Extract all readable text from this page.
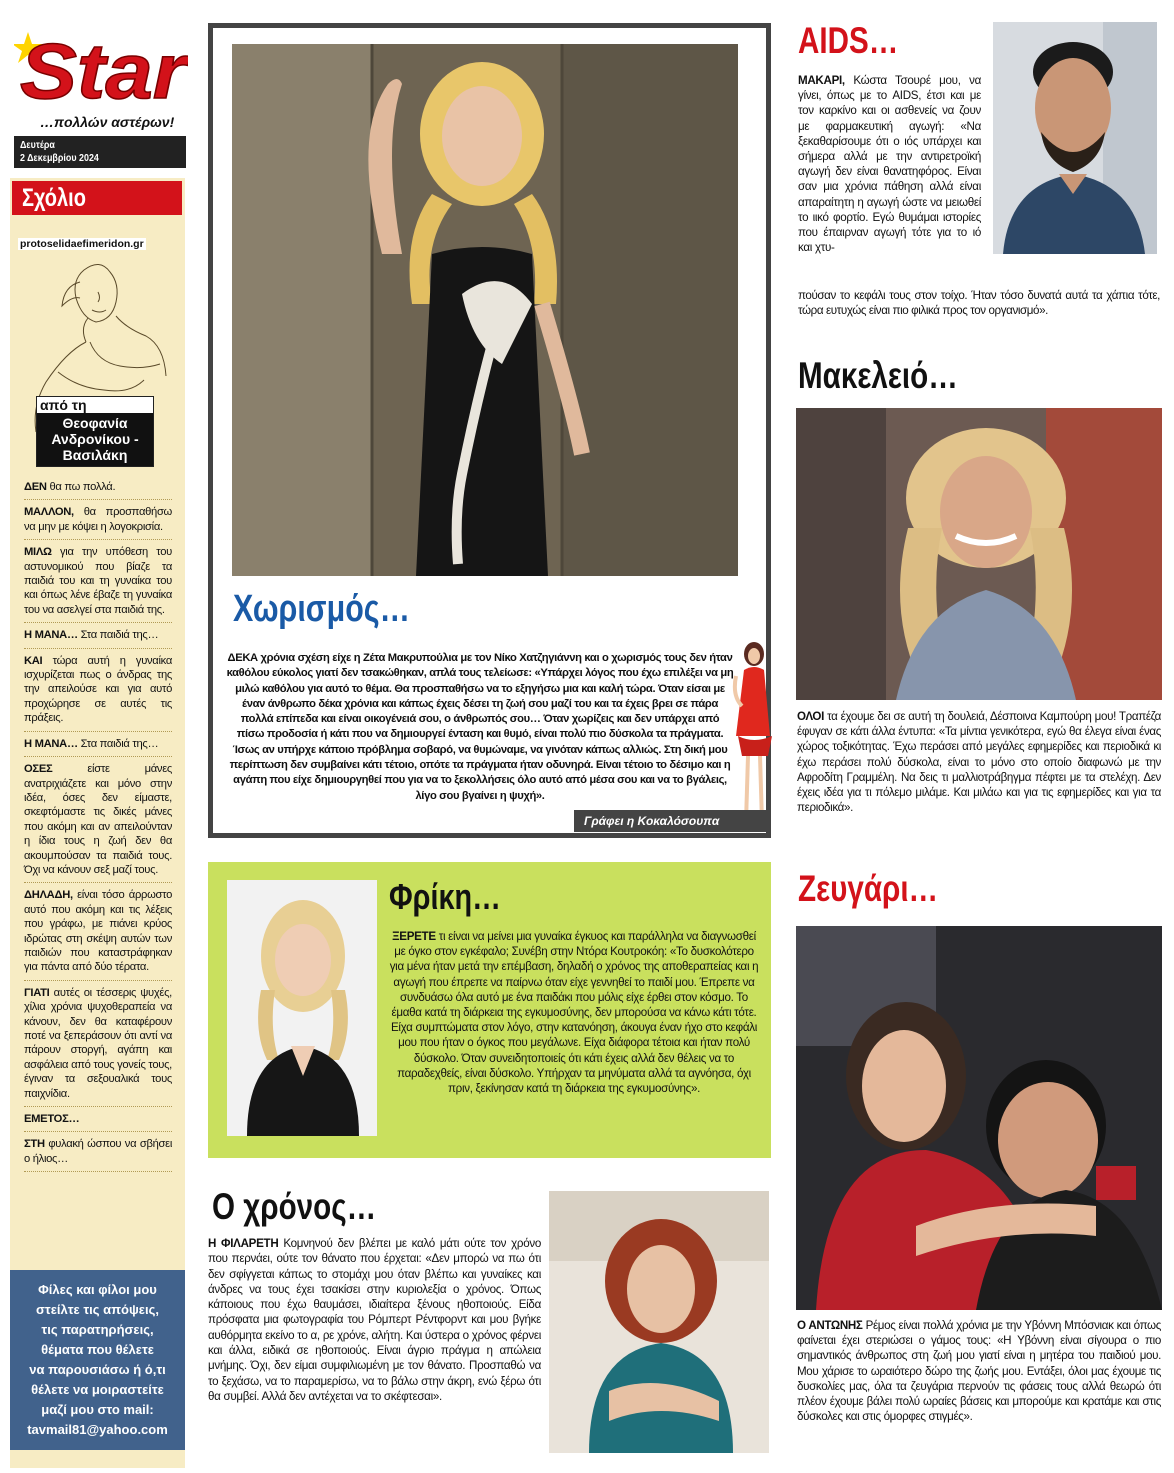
Star
…πολλών αστέρων!
Δευτέρα
2 Δεκεμβρίου 2024
Σχόλιο
protoselidaefimeridon.gr
από τη
Θεοφανία Ανδρονίκου - Βασιλάκη

ΔΕΝ θα πω πολλά.

ΜΑΛΛΟΝ, θα προσπαθήσω να μην με κόψει η λογοκρισία.

ΜΙΛΩ για την υπόθεση του αστυνομικού που βίαζε τα παιδιά του και τη γυναίκα του και όπως λένε έβαζε τη γυναίκα του να ασελγεί στα παιδιά της.

Η ΜΑΝΑ… Στα παιδιά της…

ΚΑΙ τώρα αυτή η γυναίκα ισχυρίζεται πως ο άνδρας της την απειλούσε και για αυτό προχώρησε σε αυτές τις πράξεις.

Η ΜΑΝΑ… Στα παιδιά της…

ΟΣΕΣ είστε μάνες ανατριχιάζετε και μόνο στην ιδέα, όσες δεν είμαστε, σκεφτόμαστε τις δικές μάνες που ακόμη και αν απειλούνταν η ίδια τους η ζωή δεν θα ακουμπούσαν τα παιδιά τους. Όχι να κάνουν σεξ μαζί τους.

ΔΗΛΑΔΗ, είναι τόσο άρρωστο αυτό που ακόμη και τις λέξεις που γράφω, με πιάνει κρύος ιδρώτας στη σκέψη αυτών των παιδιών που καταστράφηκαν για πάντα από δύο τέρατα.

ΓΙΑΤΙ αυτές οι τέσσερις ψυχές, χίλια χρόνια ψυχοθεραπεία να κάνουν, δεν θα καταφέρουν ποτέ να ξεπεράσουν ότι αντί να πάρουν στοργή, αγάπη και ασφάλεια από τους γονείς τους, έγιναν τα σεξουαλικά τους παιχνίδια.

ΕΜΕΤΟΣ…

ΣΤΗ φυλακή ώσπου να σβήσει ο ήλιος…

Φίλες και φίλοι μου
στείλτε τις απόψεις,
τις παρατηρήσεις,
θέματα που θέλετε
να παρουσιάσω ή ό,τι
θέλετε να μοιραστείτε
μαζί μου στο mail:
tavmail81@yahoo.com
Χωρισμός…
ΔΕΚΑ χρόνια σχέση είχε η Ζέτα Μακρυπούλια με τον Νίκο Χατζηγιάννη και ο χωρισμός τους δεν ήταν καθόλου εύκολος γιατί δεν τσακώθηκαν, απλά τους τελείωσε: «Υπάρχει λόγος που έχω επιλέξει να μη μιλώ καθόλου για αυτό το θέμα. Θα προσπαθήσω να το εξηγήσω μια και καλή τώρα. Όταν είσαι με έναν άνθρωπο δέκα χρόνια και κάπως έχεις δέσει τη ζωή σου μαζί του και τα έχεις βρει σε πάρα πολλά επίπεδα και είναι οικογένειά σου, ο άνθρωπός σου… Όταν χωρίζεις και δεν υπάρχει από πίσω προδοσία ή κάτι που να δημιουργεί ένταση και θυμό, είναι πολύ πιο δύσκολα τα πράγματα. Ίσως αν υπήρχε κάποιο πρόβλημα σοβαρό, να θυμώναμε, να γινόταν κάπως αλλιώς. Στη δική μου περίπτωση δεν συμβαίνει κάτι τέτοιο, οπότε τα πράγματα ήταν οδυνηρά. Είναι τέτοιο το δέσιμο και η αγάπη που είχε δημιουργηθεί που για να το ξεκολλήσεις όλο αυτό από μέσα σου και να το βγάλεις, λίγο σου βγαίνει η ψυχή».
Γράφει η Κοκαλόσουπα
Φρίκη…
ΞΕΡΕΤΕ τι είναι να μείνει μια γυναίκα έγκυος και παράλληλα να διαγνωσθεί με όγκο στον εγκέφαλο; Συνέβη στην Ντόρα Κουτροκόη: «Το δυσκολότερο για μένα ήταν μετά την επέμβαση, δηλαδή ο χρόνος της αποθεραπείας και η αγωγή που έπρεπε να παίρνω όταν είχε γεννηθεί το παιδί μου. Έπρεπε να συνδυάσω όλα αυτό με ένα παιδάκι που μόλις είχε έρθει στον κόσμο. Το έμαθα κατά τη διάρκεια της εγκυμοσύνης, δεν μπορούσα να κάνω κάτι τότε. Είχα συμπτώματα στον λόγο, στην κατανόηση, άκουγα έναν ήχο στο κεφάλι μου που ήταν ο όγκος που μεγάλωνε. Είχα διάφορα τέτοια και ήταν πολύ δύσκολο. Όταν συνειδητοποιείς ότι κάτι έχεις αλλά δεν θέλεις να το παραδεχθείς, είναι δύσκολο. Υπήρχαν τα μηνύματα αλλά τα αγνόησα, όχι πριν, ξεκίνησαν κατά τη διάρκεια της εγκυμοσύνης».
Ο χρόνος…
Η ΦΙΛΑΡΕΤΗ Κομνηνού δεν βλέπει με καλό μάτι ούτε τον χρόνο που περνάει, ούτε τον θάνατο που έρχεται: «Δεν μπορώ να πω ότι δεν σφίγγεται κάπως το στομάχι μου όταν βλέπω και γυναίκες και άνδρες να τους έχει τσακίσει στην κυριολεξία ο χρόνος. Όπως κάποιους που έχω θαυμάσει, ιδιαίτερα ξένους ηθοποιούς. Είδα πρόσφατα μια φωτογραφία του Ρόμπερτ Ρέντφορντ και μου βγήκε αυθόρμητα εκείνο το α, ρε χρόνε, αλήτη. Και ύστερα ο χρόνος φέρνει και άλλα, ειδικά σε ηθοποιούς. Είναι άγριο πράγμα η απώλεια μνήμης. Όχι, δεν είμαι συμφιλιωμένη με τον θάνατο. Προσπαθώ να το ξεχάσω, να το παραμερίσω, να το βάλω στην άκρη, ενώ ξέρω ότι θα συμβεί. Αλλά δεν αντέχεται να το σκέφτεσαι».
AIDS…
ΜΑΚΑΡΙ, Κώστα Τσουρέ μου, να γίνει, όπως με το AIDS, έτσι και με τον καρκίνο και οι ασθενείς να ζουν με φαρμακευτική αγωγή: «Να ξεκαθαρίσουμε ότι ο ιός υπάρχει και σήμερα αλλά με την αντιρετροϊκή αγωγή δεν είναι θανατηφόρος. Είναι σαν μια χρόνια πάθηση αλλά είναι απαραίτητη η αγωγή ώστε να μειωθεί το ιικό φορτίο. Εγώ θυμάμαι ιστορίες που έπαιρναν αγωγή τότε για το ιό και χτυ-
πούσαν το κεφάλι τους στον τοίχο. Ήταν τόσο δυνατά αυτά τα χάπια τότε, τώρα ευτυχώς είναι πιο φιλικά προς τον οργανισμό».
Μακελειό…
ΟΛΟΙ τα έχουμε δει σε αυτή τη δουλειά, Δέσποινα Καμπούρη μου! Τραπέζα έφυγαν σε κάτι άλλα έντυπα: «Τα μίντια γενικότερα, εγώ θα έλεγα είναι ένας χώρος τοξικότητας. Έχω περάσει από μεγάλες εφημερίδες και περιοδικά κι έχω περάσει πολύ δύσκολα, είναι το μόνο στο οποίο διαφωνώ με την Αφροδίτη Γραμμέλη. Να δεις τι μαλλιοτράβηγμα πέφτει με τα στελέχη. Δεν έχεις ιδέα για τι πόλεμο μιλάμε. Και μιλάω και για τις εφημερίδες και για τα περιοδικά».
Ζευγάρι…
Ο ΑΝΤΩΝΗΣ Ρέμος είναι πολλά χρόνια με την Υβόννη Μπόσνιακ και όπως φαίνεται έχει στεριώσει ο γάμος τους: «Η Υβόννη είναι σίγουρα ο πιο σημαντικός άνθρωπος στη ζωή μου γιατί είναι η μητέρα του παιδιού μου. Μου χάρισε το ωραιότερο δώρο της ζωής μου. Εντάξει, όλοι μας έχουμε τις δυσκολίες μας, όλα τα ζευγάρια περνούν τις φάσεις τους αλλά θεωρώ ότι πλέον έχουμε βάλει πολύ ωραίες βάσεις και μπορούμε και κρατάμε και στις δύσκολες και στις όμορφες στιγμές».
